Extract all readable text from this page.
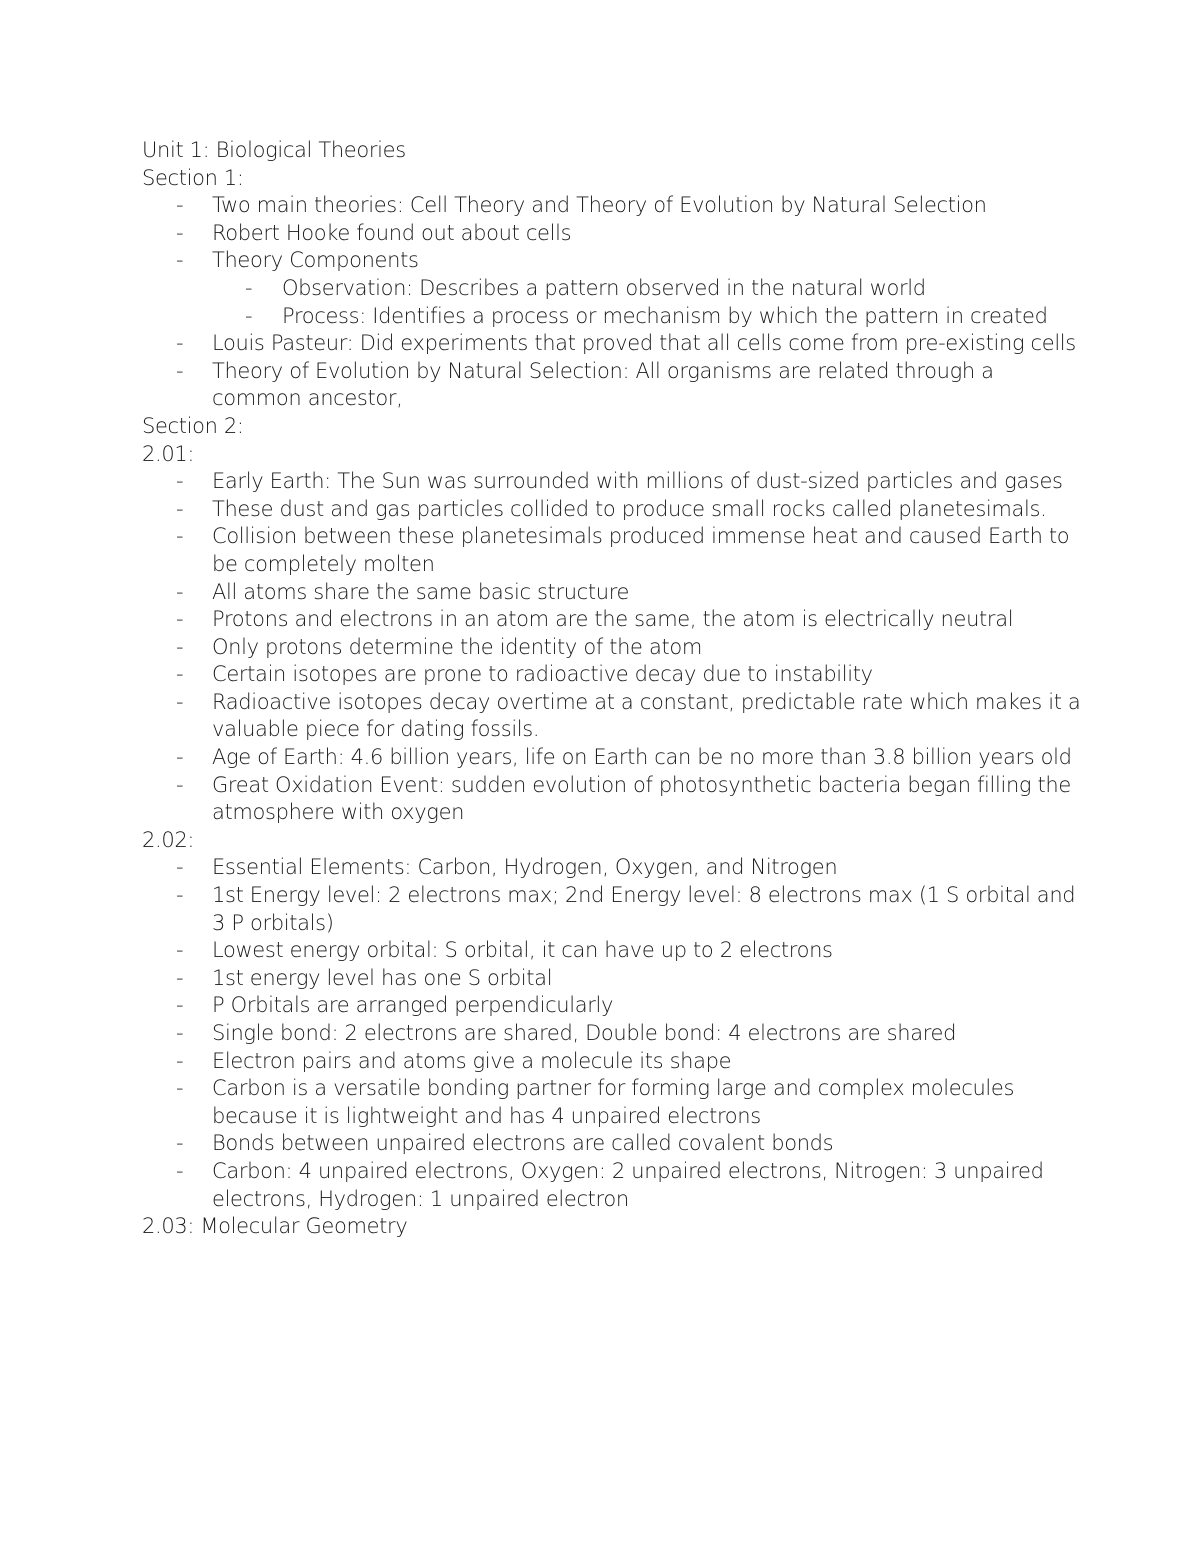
Unit 1: Biological Theories
Section 1:
- Two main theories: Cell Theory and Theory of Evolution by Natural Selection
- Robert Hooke found out about cells
- Theory Components
- Observation: Describes a pattern observed in the natural world
- Process: Identifies a process or mechanism by which the pattern in created
- Louis Pasteur: Did experiments that proved that all cells come from pre-existing cells
- Theory of Evolution by Natural Selection: All organisms are related through a common ancestor,
Section 2:
2.01:
- Early Earth: The Sun was surrounded with millions of dust-sized particles and gases
- These dust and gas particles collided to produce small rocks called planetesimals.
- Collision between these planetesimals produced immense heat and caused Earth to be completely molten
- All atoms share the same basic structure
- Protons and electrons in an atom are the same, the atom is electrically neutral
- Only protons determine the identity of the atom
- Certain isotopes are prone to radioactive decay due to instability
- Radioactive isotopes decay overtime at a constant, predictable rate which makes it a valuable piece for dating fossils.
- Age of Earth: 4.6 billion years, life on Earth can be no more than 3.8 billion years old
- Great Oxidation Event: sudden evolution of photosynthetic bacteria began filling the atmosphere with oxygen
2.02:
- Essential Elements: Carbon, Hydrogen, Oxygen, and Nitrogen
- 1st Energy level: 2 electrons max; 2nd Energy level: 8 electrons max (1 S orbital and 3 P orbitals)
- Lowest energy orbital: S orbital, it can have up to 2 electrons
- 1st energy level has one S orbital
- P Orbitals are arranged perpendicularly
- Single bond: 2 electrons are shared, Double bond: 4 electrons are shared
- Electron pairs and atoms give a molecule its shape
- Carbon is a versatile bonding partner for forming large and complex molecules because it is lightweight and has 4 unpaired electrons
- Bonds between unpaired electrons are called covalent bonds
- Carbon: 4 unpaired electrons, Oxygen: 2 unpaired electrons, Nitrogen: 3 unpaired electrons, Hydrogen: 1 unpaired electron
2.03: Molecular Geometry
